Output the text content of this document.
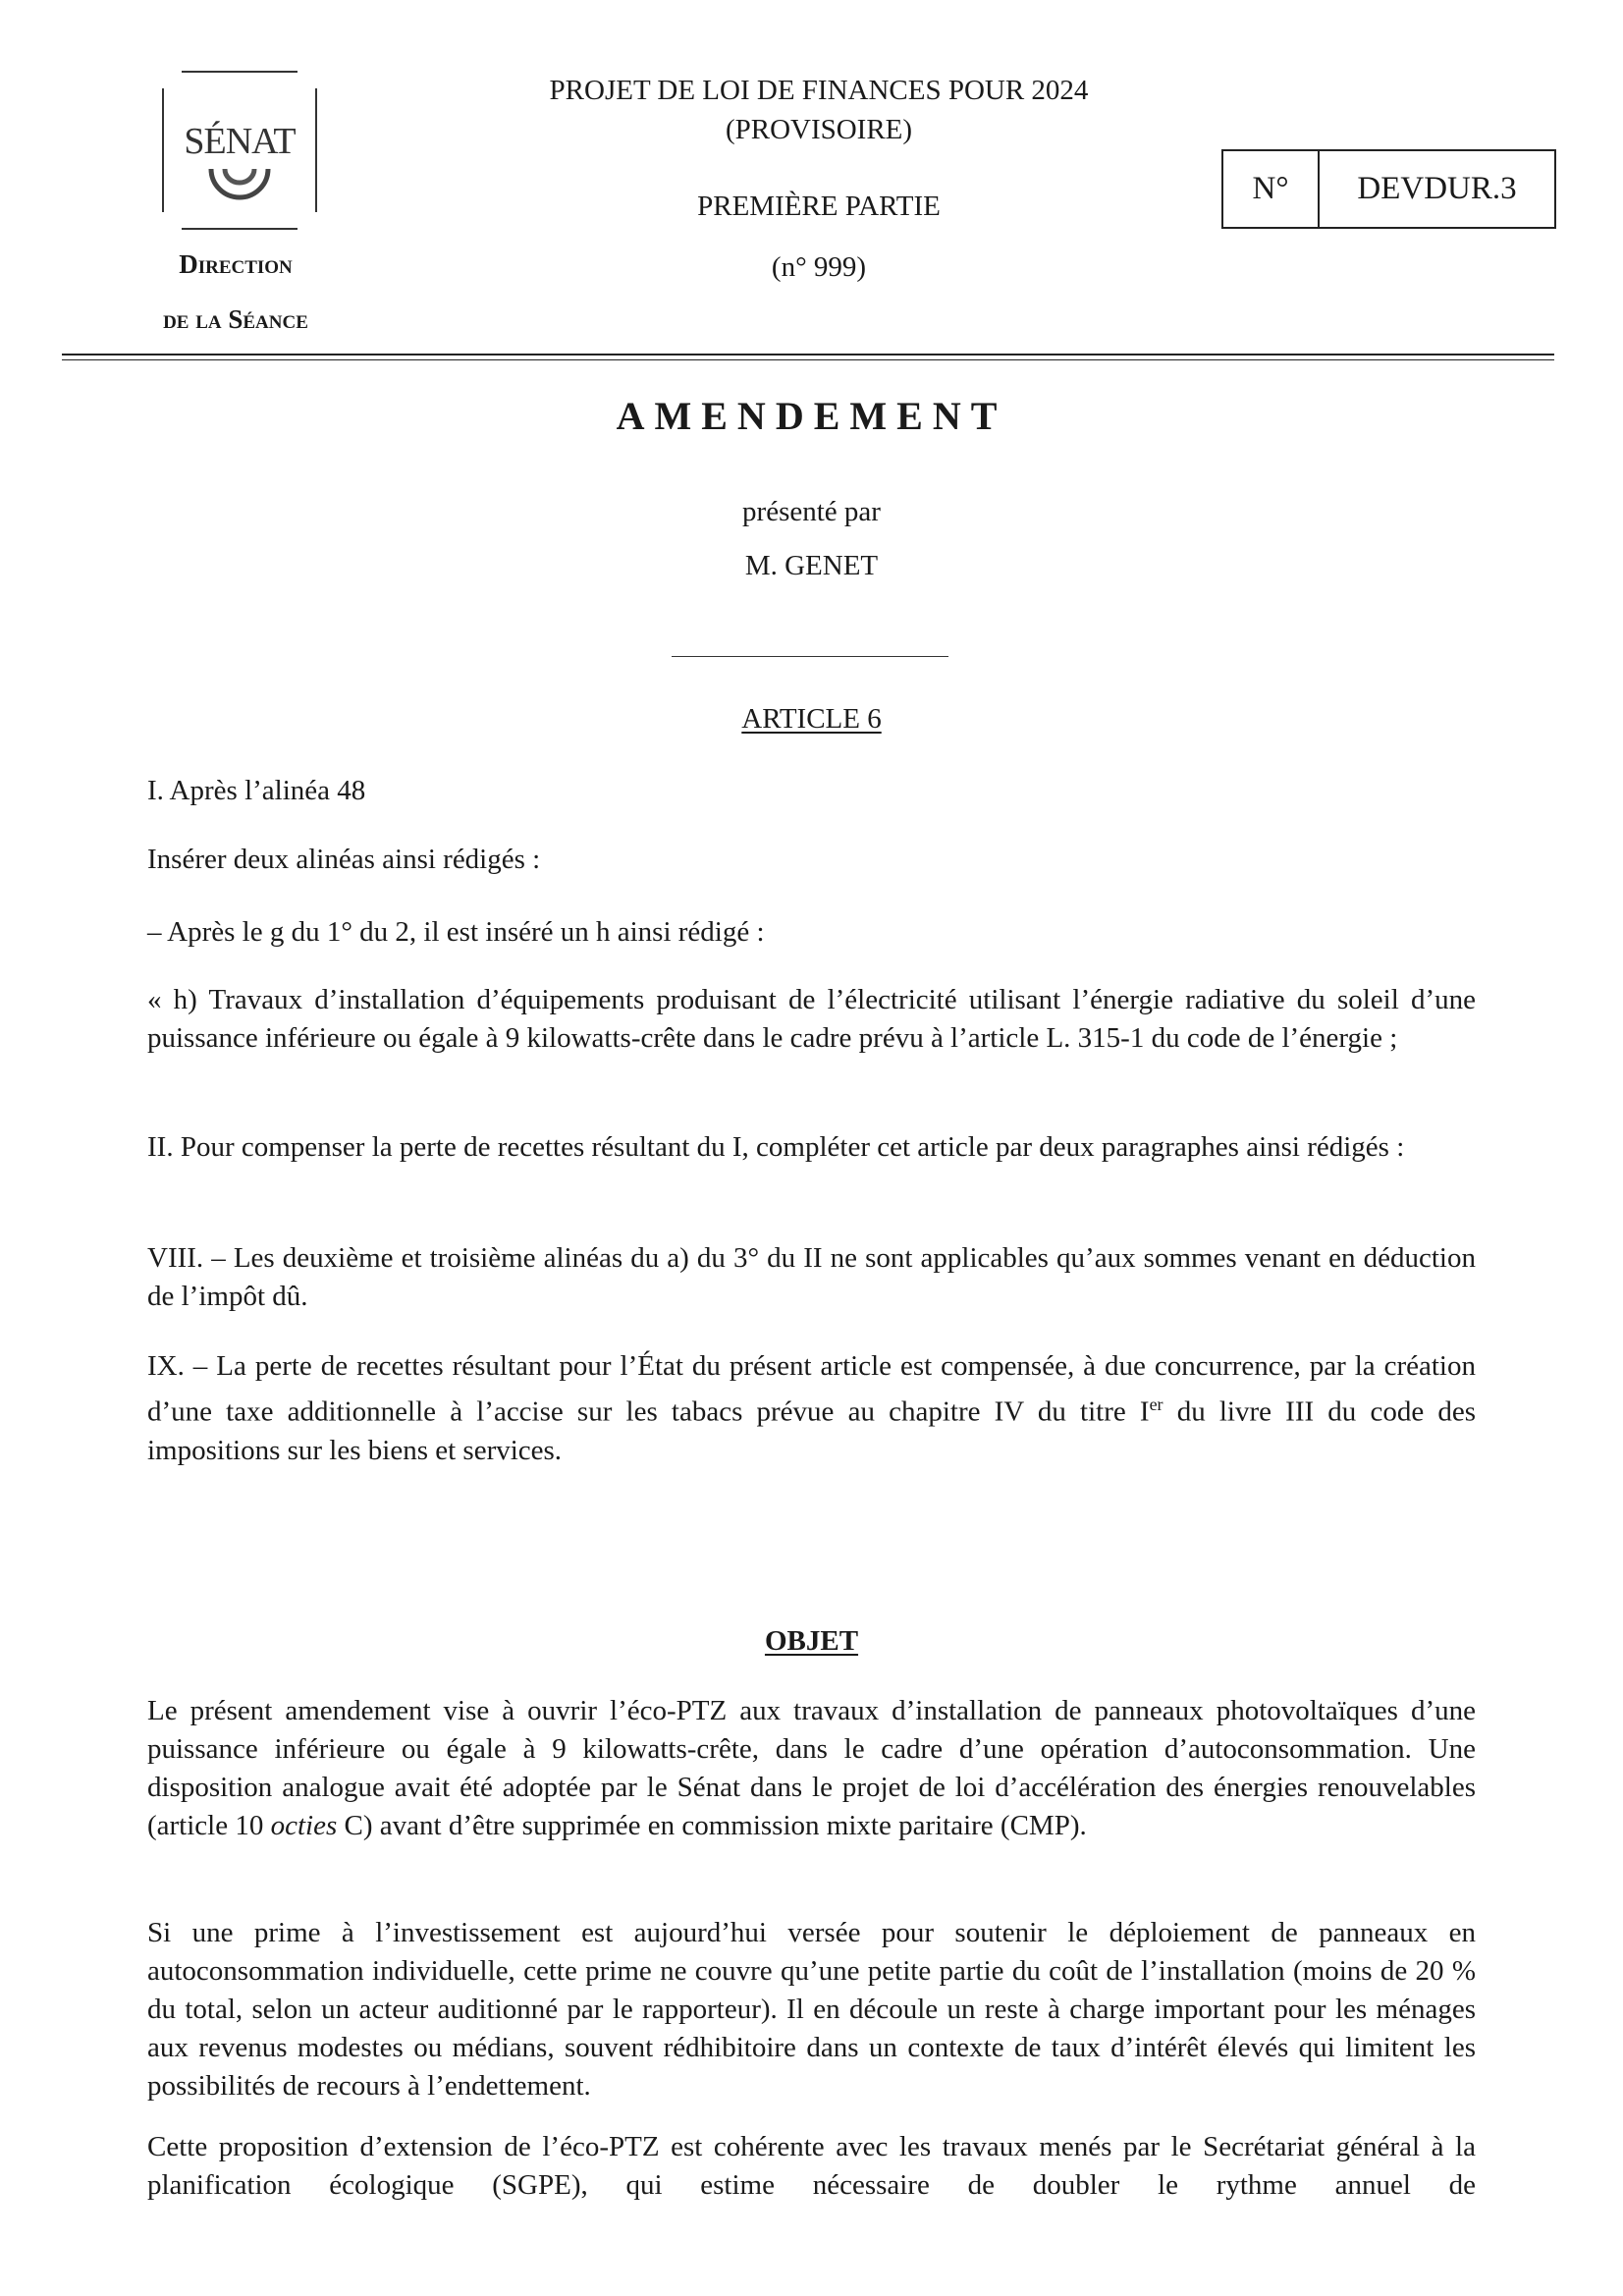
SÉNAT
Direction
de la Séance
PROJET DE LOI DE FINANCES POUR 2024
(PROVISOIRE)
PREMIÈRE PARTIE
(n° 999)
N°	DEVDUR.3
AMENDEMENT
présenté par
M. GENET
ARTICLE 6
I. Après l’alinéa 48
Insérer deux alinéas ainsi rédigés :
– Après le g du 1° du 2, il est inséré un h ainsi rédigé :
« h) Travaux d’installation d’équipements produisant de l’électricité utilisant l’énergie radiative du soleil d’une puissance inférieure ou égale à 9 kilowatts-crête dans le cadre prévu à l’article L. 315-1 du code de l’énergie ;
II. Pour compenser la perte de recettes résultant du I, compléter cet article par deux paragraphes ainsi rédigés :
VIII. – Les deuxième et troisième alinéas du a) du 3° du II ne sont applicables qu’aux sommes venant en déduction de l’impôt dû.
IX. – La perte de recettes résultant pour l’État du présent article est compensée, à due concurrence, par la création d’une taxe additionnelle à l’accise sur les tabacs prévue au chapitre IV du titre Ier du livre III du code des impositions sur les biens et services.
OBJET
Le présent amendement vise à ouvrir l’éco-PTZ aux travaux d’installation de panneaux photovoltaïques d’une puissance inférieure ou égale à 9 kilowatts-crête, dans le cadre d’une opération d’autoconsommation. Une disposition analogue avait été adoptée par le Sénat dans le projet de loi d’accélération des énergies renouvelables (article 10 octies C) avant d’être supprimée en commission mixte paritaire (CMP).
Si une prime à l’investissement est aujourd’hui versée pour soutenir le déploiement de panneaux en autoconsommation individuelle, cette prime ne couvre qu’une petite partie du coût de l’installation (moins de 20 % du total, selon un acteur auditionné par le rapporteur). Il en découle un reste à charge important pour les ménages aux revenus modestes ou médians, souvent rédhibitoire dans un contexte de taux d’intérêt élevés qui limitent les possibilités de recours à l’endettement.
Cette proposition d’extension de l’éco-PTZ est cohérente avec les travaux menés par le Secrétariat général à la planification écologique (SGPE), qui estime nécessaire de doubler le rythme annuel de
